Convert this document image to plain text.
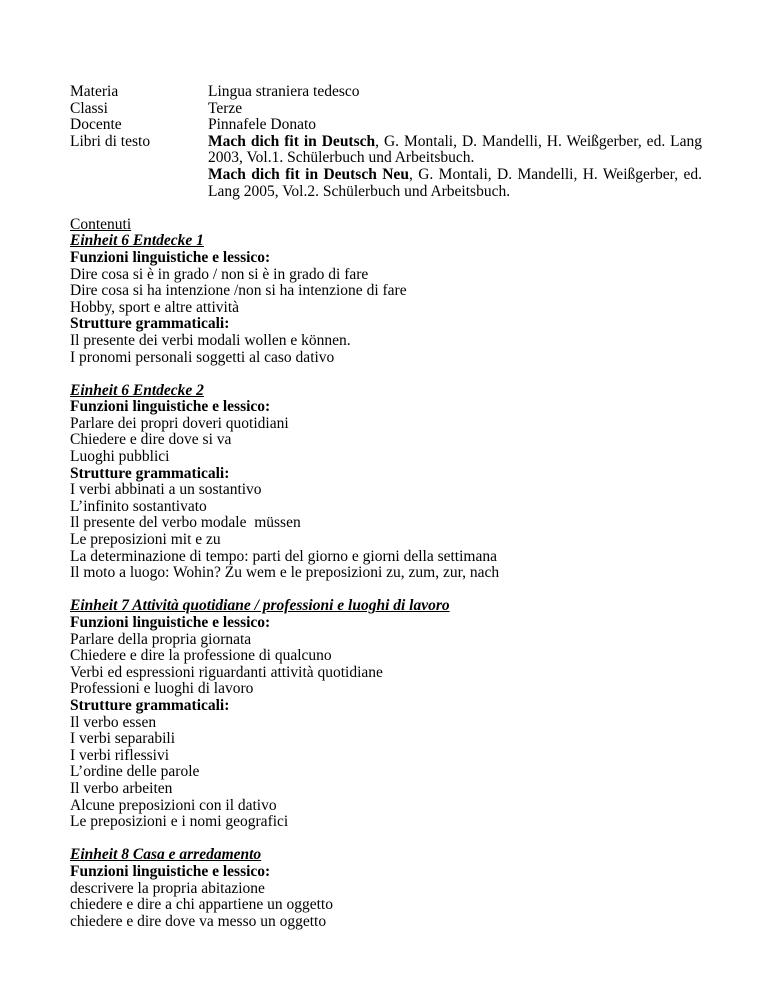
Materia	Lingua straniera tedesco
Classi	Terze
Docente	Pinnafele Donato
Libri di testo	Mach dich fit in Deutsch, G. Montali, D. Mandelli, H. Weißgerber, ed. Lang 2003, Vol.1. Schülerbuch und Arbeitsbuch.

Mach dich fit in Deutsch Neu, G. Montali, D. Mandelli, H. Weißgerber, ed. Lang 2005, Vol.2. Schülerbuch und Arbeitsbuch.

Contenuti

Einheit 6 Entdecke 1

Funzioni linguistiche e lessico:

Dire cosa si è in grado / non si è in grado di fare

Dire cosa si ha intenzione /non si ha intenzione di fare

Hobby, sport e altre attività

Strutture grammaticali:

Il presente dei verbi modali wollen e können.

I pronomi personali soggetti al caso dativo

Einheit 6 Entdecke 2

Funzioni linguistiche e lessico:

Parlare dei propri doveri quotidiani

Chiedere e dire dove si va

Luoghi pubblici

Strutture grammaticali:

I verbi abbinati a un sostantivo

L’infinito sostantivato

Il presente del verbo modale  müssen

Le preposizioni mit e zu

La determinazione di tempo: parti del giorno e giorni della settimana

Il moto a luogo: Wohin? Zu wem e le preposizioni zu, zum, zur, nach

Einheit 7 Attività quotidiane / professioni e luoghi di lavoro

Funzioni linguistiche e lessico:

Parlare della propria giornata

Chiedere e dire la professione di qualcuno

Verbi ed espressioni riguardanti attività quotidiane

Professioni e luoghi di lavoro

Strutture grammaticali:

Il verbo essen

I verbi separabili

I verbi riflessivi

L’ordine delle parole

Il verbo arbeiten

Alcune preposizioni con il dativo

Le preposizioni e i nomi geografici

Einheit 8 Casa e arredamento

Funzioni linguistiche e lessico:

descrivere la propria abitazione

chiedere e dire a chi appartiene un oggetto

chiedere e dire dove va messo un oggetto
